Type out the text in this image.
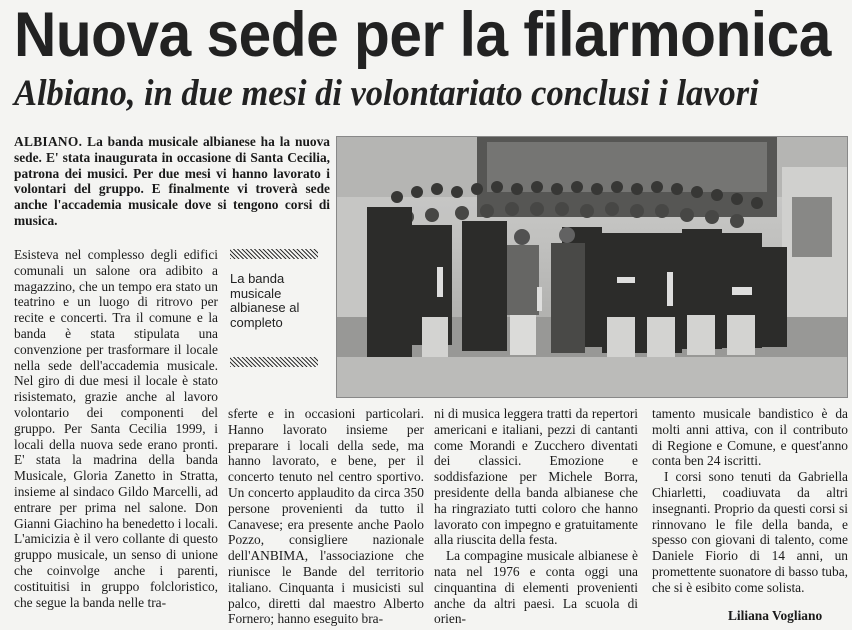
Nuova sede per la filarmonica
Albiano, in due mesi di volontariato conclusi i lavori
ALBIANO. La banda musicale albianese ha la nuova sede. E' stata inaugurata in occasione di Santa Cecilia, patrona dei musici. Per due mesi vi hanno lavorato i volontari del gruppo. E finalmente vi troverà sede anche l'accademia musicale dove si tengono corsi di musica.

La banda musicale albianese al completo

Esisteva nel complesso degli edifici comunali un salone ora adibito a magazzino, che un tempo era stato un teatrino e un luogo di ritrovo per recite e concerti. Tra il comune e la banda è stata stipulata una convenzione per trasformare il locale nella sede dell'accademia musicale. Nel giro di due mesi il locale è stato risistemato, grazie anche al lavoro volontario dei componenti del gruppo. Per Santa Cecilia 1999, i locali della nuova sede erano pronti. E' stata la madrina della banda Musicale, Gloria Zanetto in Strattа, insieme al sindaco Gildo Marcelli, ad entrare per prima nel salone. Don Gianni Giachino ha benedetto i locali. L'amicizia è il vero collante di questo gruppo musicale, un senso di unione che coinvolge anche i parenti, costituitisi in gruppo folcloristico, che segue la banda nelle tra-

sferte e in occasioni particolari. Hanno lavorato insieme per preparare i locali della sede, ma hanno lavorato, e bene, per il concerto tenuto nel centro sportivo. Un concerto applaudito da circa 350 persone provenienti da tutto il Canavese; era presente anche Paolo Pozzo, consigliere nazionale dell'ANBIMA, l'associazione che riunisce le Bande del territorio italiano. Cinquanta i musicisti sul palco, diretti dal maestro Alberto Fornero; hanno eseguito bra-

ni di musica leggera tratti da repertori americani e italiani, pezzi di cantanti come Morandi e Zucchero diventati dei classici. Emozione e soddisfazione per Michele Borra, presidente della banda albianese che ha ringraziato tutti coloro che hanno lavorato con impegno e gratuitamente alla riuscita della festa.

La compagine musicale albianese è nata nel 1976 e conta oggi una cinquantina di elementi provenienti anche da altri paesi. La scuola di orien-

tamento musicale bandistico è da molti anni attiva, con il contributo di Regione e Comune, e quest'anno conta ben 24 iscritti.

I corsi sono tenuti da Gabriella Chiarletti, coadiuvata da altri insegnanti. Proprio da questi corsi si rinnovano le file della banda, e spesso con giovani di talento, come Daniele Fiorio di 14 anni, un promettente suonatore di basso tuba, che si è esibito come solista.

Liliana Vogliano
